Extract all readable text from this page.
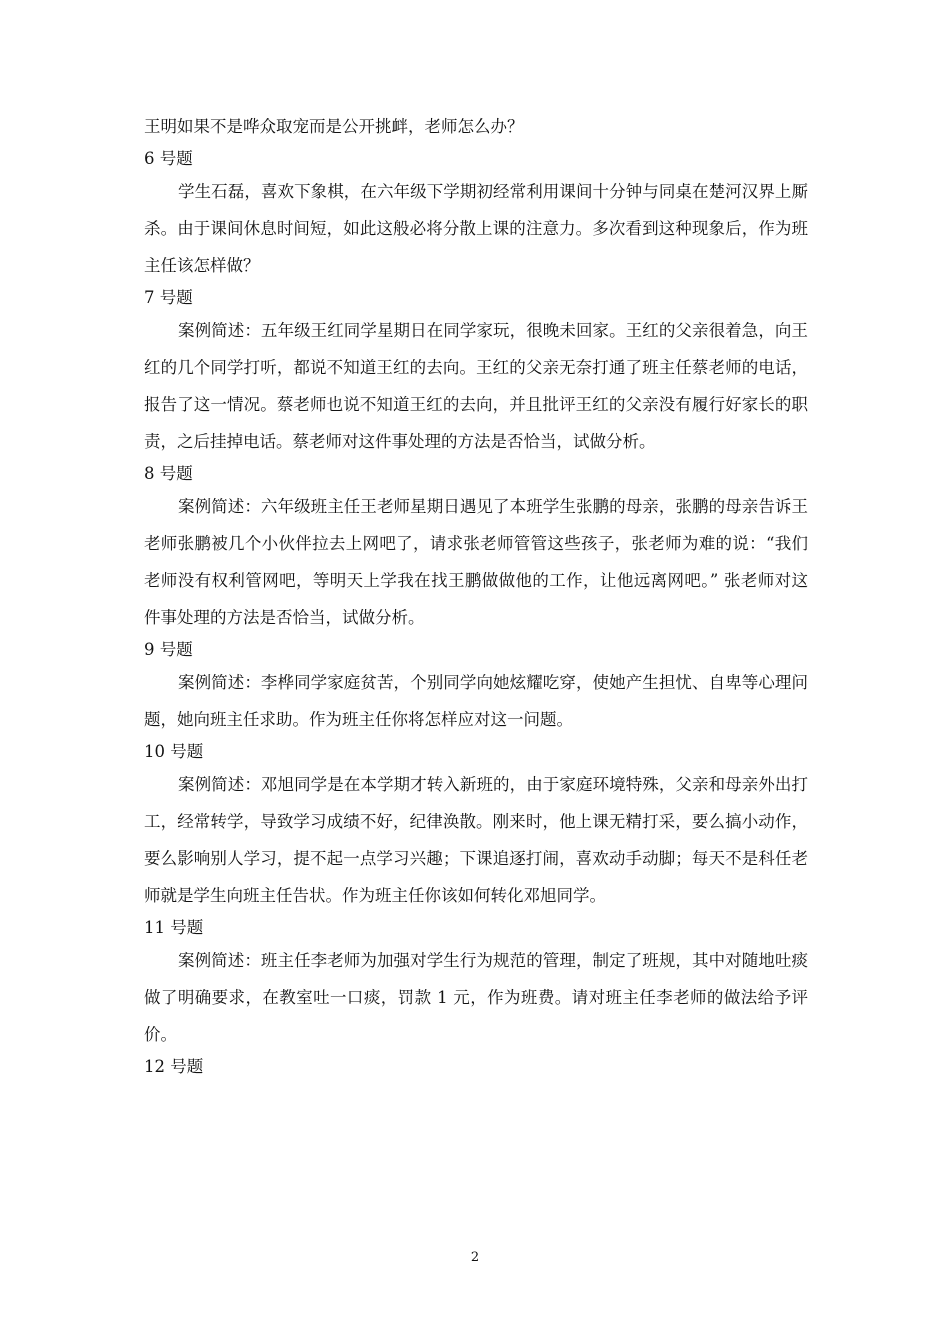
王明如果不是哗众取宠而是公开挑衅，老师怎么办？

6 号题

学生石磊，喜欢下象棋，在六年级下学期初经常利用课间十分钟与同桌在楚河汉界上厮杀。由于课间休息时间短，如此这般必将分散上课的注意力。多次看到这种现象后，作为班主任该怎样做？

7 号题

案例简述：五年级王红同学星期日在同学家玩，很晚未回家。王红的父亲很着急，向王红的几个同学打听，都说不知道王红的去向。王红的父亲无奈打通了班主任蔡老师的电话，报告了这一情况。蔡老师也说不知道王红的去向，并且批评王红的父亲没有履行好家长的职责，之后挂掉电话。蔡老师对这件事处理的方法是否恰当，试做分析。

8 号题

案例简述：六年级班主任王老师星期日遇见了本班学生张鹏的母亲，张鹏的母亲告诉王老师张鹏被几个小伙伴拉去上网吧了，请求张老师管管这些孩子，张老师为难的说：“我们老师没有权利管网吧，等明天上学我在找王鹏做做他的工作，让他远离网吧。” 张老师对这件事处理的方法是否恰当，试做分析。

9 号题

案例简述：李桦同学家庭贫苦，个别同学向她炫耀吃穿，使她产生担忧、自卑等心理问题，她向班主任求助。作为班主任你将怎样应对这一问题。

10 号题

案例简述：邓旭同学是在本学期才转入新班的，由于家庭环境特殊，父亲和母亲外出打工，经常转学，导致学习成绩不好，纪律涣散。刚来时，他上课无精打采，要么搞小动作，要么影响别人学习，提不起一点学习兴趣；下课追逐打闹，喜欢动手动脚；每天不是科任老师就是学生向班主任告状。作为班主任你该如何转化邓旭同学。

11 号题

案例简述：班主任李老师为加强对学生行为规范的管理，制定了班规，其中对随地吐痰做了明确要求，在教室吐一口痰，罚款 1 元，作为班费。请对班主任李老师的做法给予评价。

12 号题

2
